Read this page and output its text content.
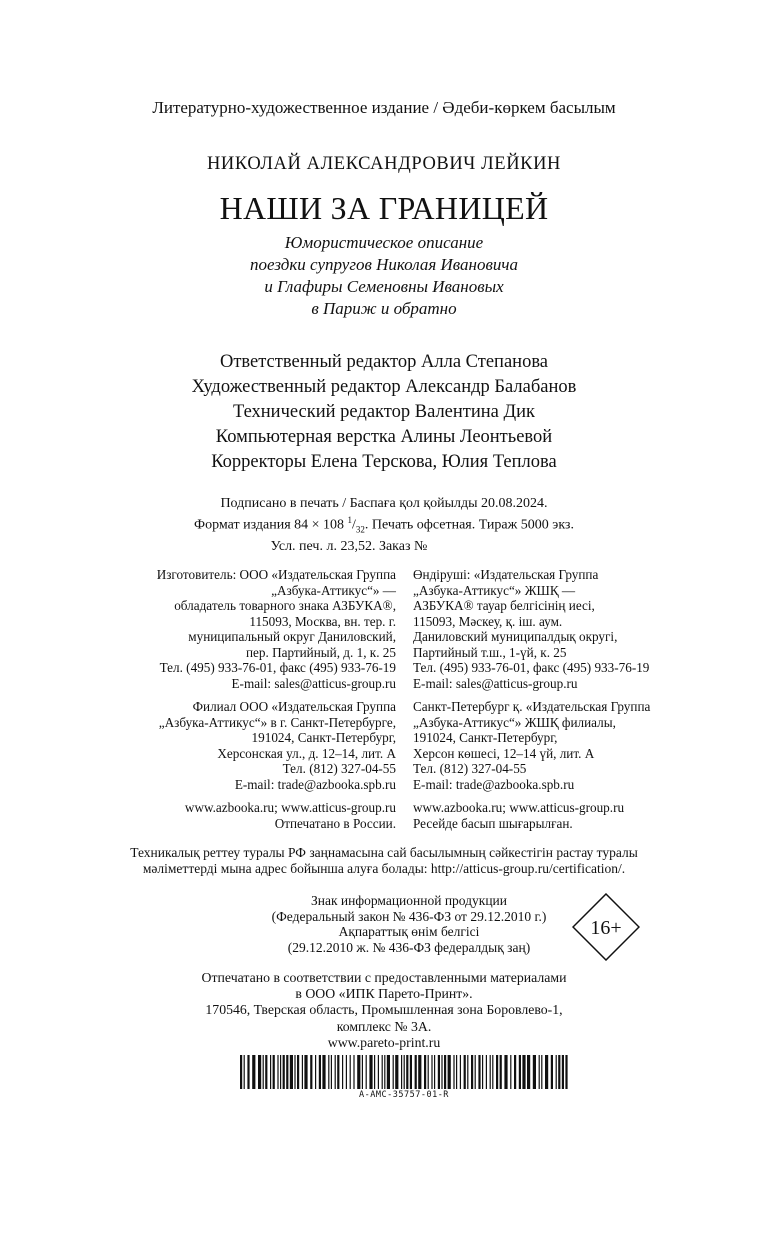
Литературно-художественное издание / Әдеби-көркем басылым
НИКОЛАЙ АЛЕКСАНДРОВИЧ ЛЕЙКИН
НАШИ ЗА ГРАНИЦЕЙ
Юмористическое описание
поездки супругов Николая Ивановича
и Глафиры Семеновны Ивановых
в Париж и обратно
Ответственный редактор Алла Степанова
Художественный редактор Александр Балабанов
Технический редактор Валентина Дик
Компьютерная верстка Алины Леонтьевой
Корректоры Елена Терскова, Юлия Теплова
Подписано в печать / Баспаға қол қойылды 20.08.2024.
Формат издания 84 × 108 $^1/_{32}$. Печать офсетная. Тираж 5000 экз.
Усл. печ. л. 23,52. Заказ №
Изготовитель: ООО «Издательская Группа
„Азбука-Аттикус“» —
обладатель товарного знака АЗБУКА®,
115093, Москва, вн. тер. г.
муниципальный округ Даниловский,
пер. Партийный, д. 1, к. 25
Тел. (495) 933-76-01, факс (495) 933-76-19
E-mail: sales@atticus-group.ru
Филиал ООО «Издательская Группа
„Азбука-Аттикус“» в г. Санкт-Петербурге,
191024, Санкт-Петербург,
Херсонская ул., д. 12–14, лит. А
Тел. (812) 327-04-55
E-mail: trade@azbooka.spb.ru
www.azbooka.ru; www.atticus-group.ru
Отпечатано в России.
Өндіруші: «Издательская Группа
„Азбука-Аттикус“» ЖШҚ —
АЗБУКА® тауар белгісінің иесі,
115093, Мәскеу, қ. іш. аум.
Даниловский муниципалдық округі,
Партийный т.ш., 1-үй, к. 25
Тел. (495) 933-76-01, факс (495) 933-76-19
E-mail: sales@atticus-group.ru
Санкт-Петербург қ. «Издательская Группа
„Азбука-Аттикус“» ЖШҚ филиалы,
191024, Санкт-Петербург,
Херсон көшесі, 12–14 үй, лит. А
Тел. (812) 327-04-55
E-mail: trade@azbooka.spb.ru
www.azbooka.ru; www.atticus-group.ru
Ресейде басып шығарылған.
Техникалық реттеу туралы РФ заңнамасына сай басылымның сәйкестігін растау туралы
мәліметтерді мына адрес бойынша алуға болады: http://atticus-group.ru/certification/.
Знак информационной продукции
(Федеральный закон № 436-ФЗ от 29.12.2010 г.)
Ақпараттық өнім белгісі
(29.12.2010 ж. № 436-ФЗ федералдық заң)
16+
Отпечатано в соответствии с предоставленными материалами
в ООО «ИПК Парето-Принт».
170546, Тверская область, Промышленная зона Боровлево-1,
комплекс № 3А.
www.pareto-print.ru
A-AMC-35757-01-R
